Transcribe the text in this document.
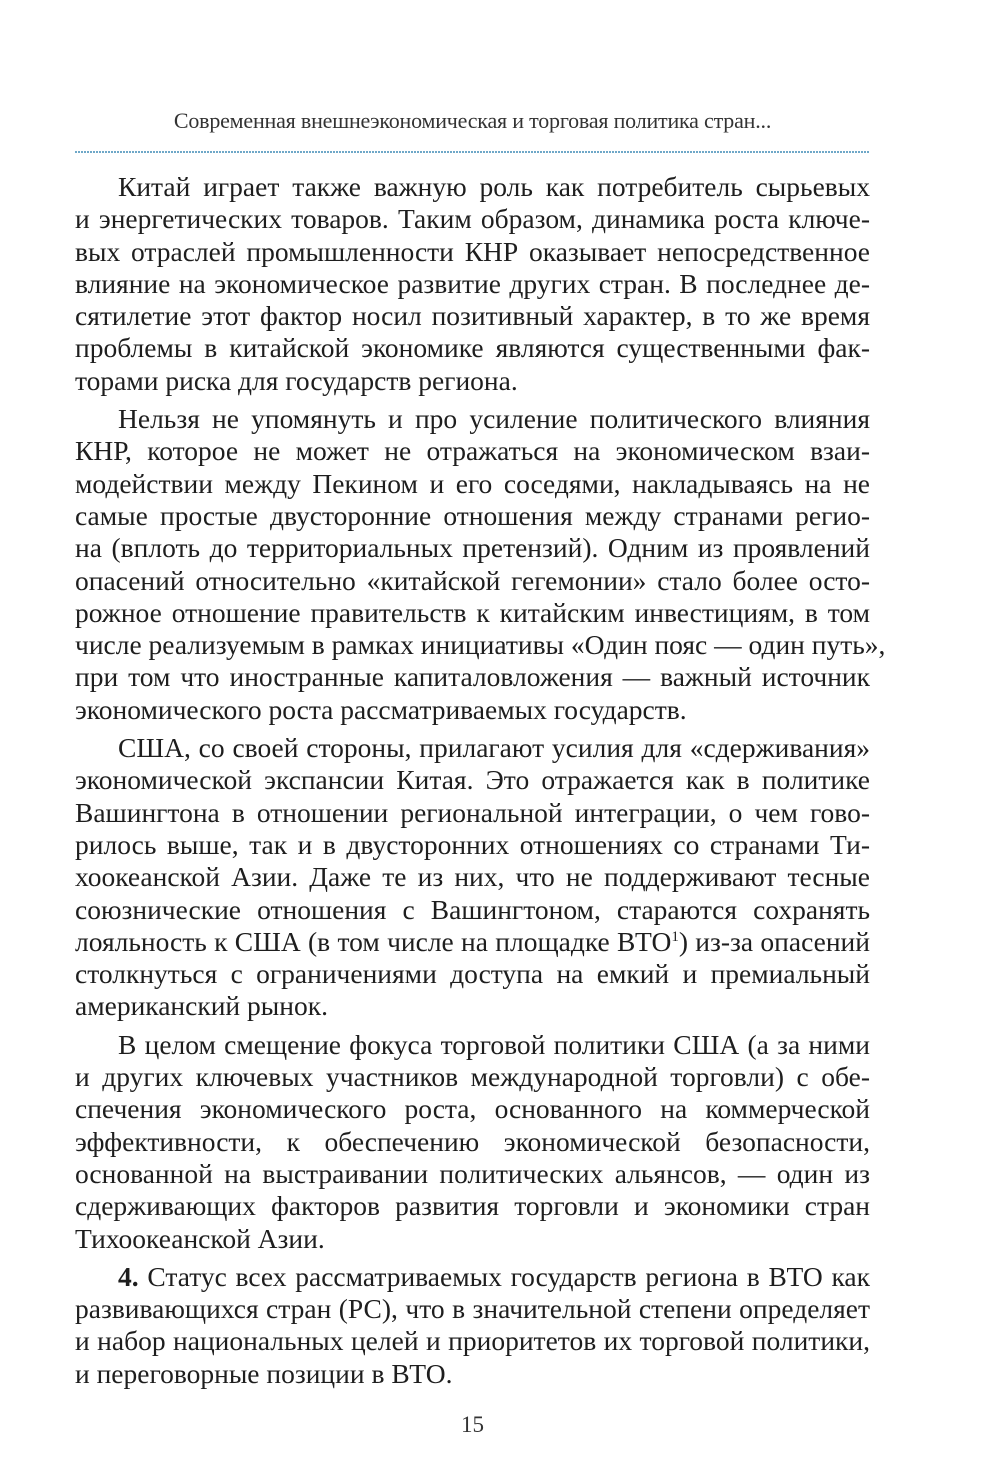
Современная внешнеэкономическая и торговая политика стран...

Китай играет также важную роль как потребитель сырьевых
и энергетических товаров. Таким образом, динамика роста ключе-
вых отраслей промышленности КНР оказывает непосредственное
влияние на экономическое развитие других стран. В последнее де-
сятилетие этот фактор носил позитивный характер, в то же время
проблемы в китайской экономике являются существенными фак-
торами риска для государств региона.

Нельзя не упомянуть и про усиление политического влияния
КНР, которое не может не отражаться на экономическом взаи-
модействии между Пекином и его соседями, накладываясь на не
самые простые двусторонние отношения между странами регио-
на (вплоть до территориальных претензий). Одним из проявлений
опасений относительно «китайской гегемонии» стало более осто-
рожное отношение правительств к китайским инвестициям, в том
числе реализуемым в рамках инициативы «Один пояс — один путь»,
при том что иностранные капиталовложения — важный источник
экономического роста рассматриваемых государств.

США, со своей стороны, прилагают усилия для «сдерживания»
экономической экспансии Китая. Это отражается как в политике
Вашингтона в отношении региональной интеграции, о чем гово-
рилось выше, так и в двусторонних отношениях со странами Ти-
хоокеанской Азии. Даже те из них, что не поддерживают тесные
союзнические отношения с Вашингтоном, стараются сохранять
лояльность к США (в том числе на площадке ВТО$^1$) из-за опасений
столкнуться с ограничениями доступа на емкий и премиальный
американский рынок.

В целом смещение фокуса торговой политики США (а за ними
и других ключевых участников международной торговли) с обе-
спечения экономического роста, основанного на коммерческой
эффективности, к обеспечению экономической безопасности,
основанной на выстраивании политических альянсов, — один из
сдерживающих факторов развития торговли и экономики стран
Тихоокеанской Азии.

4. Статус всех рассматриваемых государств региона в ВТО как
развивающихся стран (РС), что в значительной степени определяет
и набор национальных целей и приоритетов их торговой политики,
и переговорные позиции в ВТО.

15
